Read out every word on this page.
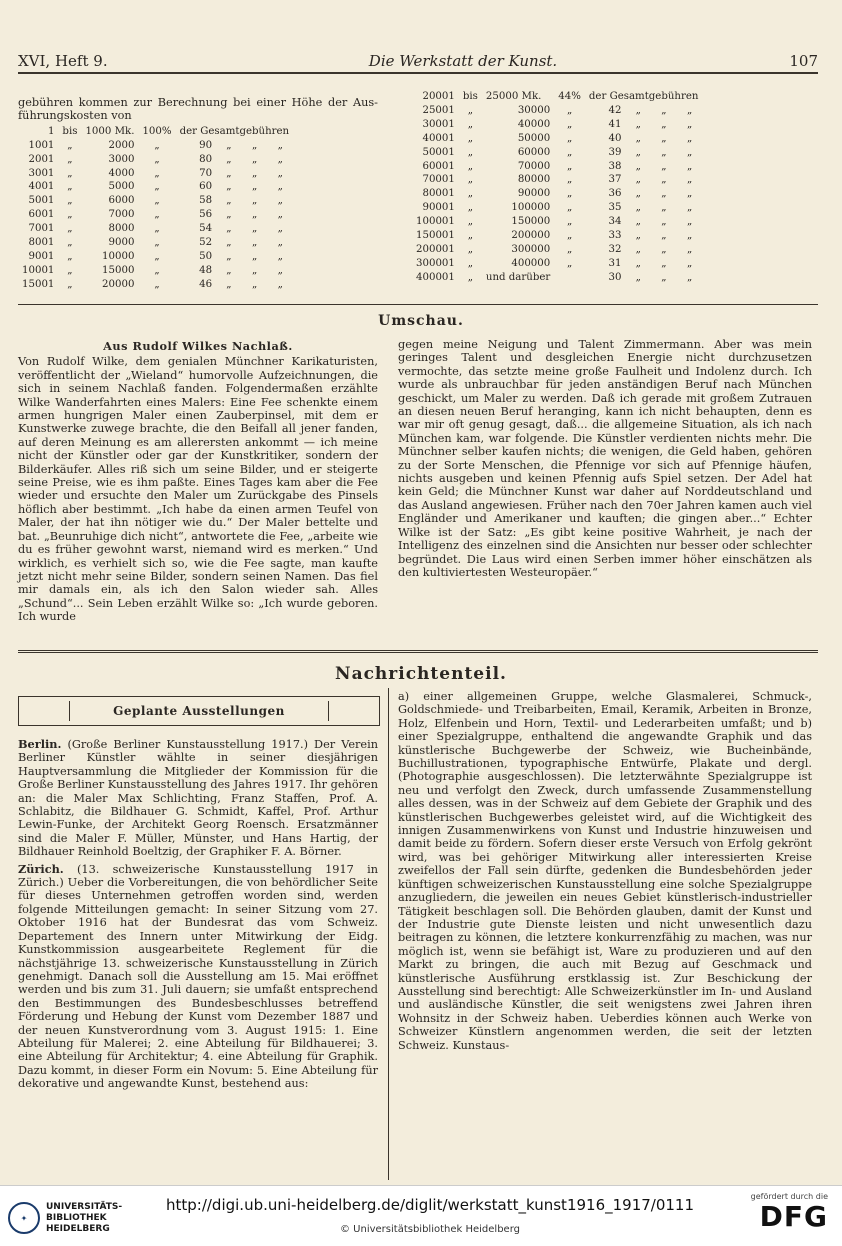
XVI, Heft 9.	Die Werkstatt der Kunst.	107
gebühren kommen zur Berechnung bei einer Höhe der Aus-führungskosten von
1	bis	1000 Mk.	100%	der Gesamtgebühren			
1001	„	2000	„	90	„	„	„
2001	„	3000	„	80	„	„	„
3001	„	4000	„	70	„	„	„
4001	„	5000	„	60	„	„	„
5001	„	6000	„	58	„	„	„
6001	„	7000	„	56	„	„	„
7001	„	8000	„	54	„	„	„
8001	„	9000	„	52	„	„	„
9001	„	10000	„	50	„	„	„
10001	„	15000	„	48	„	„	„
15001	„	20000	„	46	„	„	„
20001	bis	25000 Mk.	44%	der Gesamtgebühren			
25001	„	30000	„	42	„	„	„
30001	„	40000	„	41	„	„	„
40001	„	50000	„	40	„	„	„
50001	„	60000	„	39	„	„	„
60001	„	70000	„	38	„	„	„
70001	„	80000	„	37	„	„	„
80001	„	90000	„	36	„	„	„
90001	„	100000	„	35	„	„	„
100001	„	150000	„	34	„	„	„
150001	„	200000	„	33	„	„	„
200001	„	300000	„	32	„	„	„
300001	„	400000	„	31	„	„	„
400001	„	und darüber		30	„	„	„
Umschau.
Aus Rudolf Wilkes Nachlaß.
Von Rudolf Wilke, dem genialen Münchner Karikaturisten, veröffentlicht der „Wieland“ humorvolle Aufzeichnungen, die sich in seinem Nachlaß fanden. Folgendermaßen erzählte Wilke Wanderfahrten eines Malers: Eine Fee schenkte einem armen hungrigen Maler einen Zauberpinsel, mit dem er Kunstwerke zuwege brachte, die den Beifall all jener fanden, auf deren Meinung es am allerersten ankommt — ich meine nicht der Künstler oder gar der Kunstkritiker, sondern der Bilderkäufer. Alles riß sich um seine Bilder, und er steigerte seine Preise, wie es ihm paßte. Eines Tages kam aber die Fee wieder und ersuchte den Maler um Zurückgabe des Pinsels höflich aber bestimmt. „Ich habe da einen armen Teufel von Maler, der hat ihn nötiger wie du.“ Der Maler bettelte und bat. „Beunruhige dich nicht“, antwortete die Fee, „arbeite wie du es früher gewohnt warst, niemand wird es merken.“ Und wirklich, es verhielt sich so, wie die Fee sagte, man kaufte jetzt nicht mehr seine Bilder, sondern seinen Namen. Das fiel mir damals ein, als ich den Salon wieder sah. Alles „Schund“... Sein Leben erzählt Wilke so: „Ich wurde geboren. Ich wurde
gegen meine Neigung und Talent Zimmermann. Aber was mein geringes Talent und desgleichen Energie nicht durchzusetzen vermochte, das setzte meine große Faulheit und Indolenz durch. Ich wurde als unbrauchbar für jeden anständigen Beruf nach München geschickt, um Maler zu werden. Daß ich gerade mit großem Zutrauen an diesen neuen Beruf heranging, kann ich nicht behaupten, denn es war mir oft genug gesagt, daß... die allgemeine Situation, als ich nach München kam, war folgende. Die Künstler verdienten nichts mehr. Die Münchner selber kaufen nichts; die wenigen, die Geld haben, gehören zu der Sorte Menschen, die Pfennige vor sich auf Pfennige häufen, nichts ausgeben und keinen Pfennig aufs Spiel setzen. Der Adel hat kein Geld; die Münchner Kunst war daher auf Norddeutschland und das Ausland angewiesen. Früher nach den 70er Jahren kamen auch viel Engländer und Amerikaner und kauften; die gingen aber...“ Echter Wilke ist der Satz: „Es gibt keine positive Wahrheit, je nach der Intelligenz des einzelnen sind die Ansichten nur besser oder schlechter begründet. Die Laus wird einen Serben immer höher einschätzen als den kultiviertesten Westeuropäer.“
Nachrichtenteil.
Geplante Ausstellungen
Berlin. (Große Berliner Kunstausstellung 1917.) Der Verein Berliner Künstler wählte in seiner diesjährigen Hauptversammlung die Mitglieder der Kommission für die Große Berliner Kunstausstellung des Jahres 1917. Ihr gehören an: die Maler Max Schlichting, Franz Staffen, Prof. A. Schlabitz, die Bildhauer G. Schmidt, Kaffel, Prof. Arthur Lewin-Funke, der Architekt Georg Roensch. Ersatzmänner sind die Maler F. Müller, Münster, und Hans Hartig, der Bildhauer Reinhold Boeltzig, der Graphiker F. A. Börner.
Zürich. (13. schweizerische Kunstausstellung 1917 in Zürich.) Ueber die Vorbereitungen, die von behördlicher Seite für dieses Unternehmen getroffen worden sind, werden folgende Mitteilungen gemacht: In seiner Sitzung vom 27. Oktober 1916 hat der Bundesrat das vom Schweiz. Departement des Innern unter Mitwirkung der Eidg. Kunstkommission ausgearbeitete Reglement für die nächstjährige 13. schweizerische Kunstausstellung in Zürich genehmigt. Danach soll die Ausstellung am 15. Mai eröffnet werden und bis zum 31. Juli dauern; sie umfaßt entsprechend den Bestimmungen des Bundesbeschlusses betreffend Förderung und Hebung der Kunst vom Dezember 1887 und der neuen Kunstverordnung vom 3. August 1915: 1. Eine Abteilung für Malerei; 2. eine Abteilung für Bildhauerei; 3. eine Abteilung für Architektur; 4. eine Abteilung für Graphik. Dazu kommt, in dieser Form ein Novum: 5. Eine Abteilung für dekorative und angewandte Kunst, bestehend aus:
a) einer allgemeinen Gruppe, welche Glasmalerei, Schmuck-, Goldschmiede- und Treibarbeiten, Email, Keramik, Arbeiten in Bronze, Holz, Elfenbein und Horn, Textil- und Lederarbeiten umfaßt; und b) einer Spezialgruppe, enthaltend die angewandte Graphik und das künstlerische Buchgewerbe der Schweiz, wie Bucheinbände, Buchillustrationen, typographische Entwürfe, Plakate und dergl. (Photographie ausgeschlossen). Die letzterwähnte Spezialgruppe ist neu und verfolgt den Zweck, durch umfassende Zusammenstellung alles dessen, was in der Schweiz auf dem Gebiete der Graphik und des künstlerischen Buchgewerbes geleistet wird, auf die Wichtigkeit des innigen Zusammenwirkens von Kunst und Industrie hinzuweisen und damit beide zu fördern. Sofern dieser erste Versuch von Erfolg gekrönt wird, was bei gehöriger Mitwirkung aller interessierten Kreise zweifellos der Fall sein dürfte, gedenken die Bundesbehörden jeder künftigen schweizerischen Kunstausstellung eine solche Spezialgruppe anzugliedern, die jeweilen ein neues Gebiet künstlerisch-industrieller Tätigkeit beschlagen soll. Die Behörden glauben, damit der Kunst und der Industrie gute Dienste leisten und nicht unwesentlich dazu beitragen zu können, die letztere konkurrenzfähig zu machen, was nur möglich ist, wenn sie befähigt ist, Ware zu produzieren und auf den Markt zu bringen, die auch mit Bezug auf Geschmack und künstlerische Ausführung erstklassig ist. Zur Beschickung der Ausstellung sind berechtigt: Alle Schweizerkünstler im In- und Ausland und ausländische Künstler, die seit wenigstens zwei Jahren ihren Wohnsitz in der Schweiz haben. Ueberdies können auch Werke von Schweizer Künstlern angenommen werden, die seit der letzten Schweiz. Kunstaus-
✦
UNIVERSITÄTS-
BIBLIOTHEK
HEIDELBERG
http://digi.ub.uni-heidelberg.de/diglit/werkstatt_kunst1916_1917/0111
© Universitätsbibliothek Heidelberg
gefördert durch die
DFG
